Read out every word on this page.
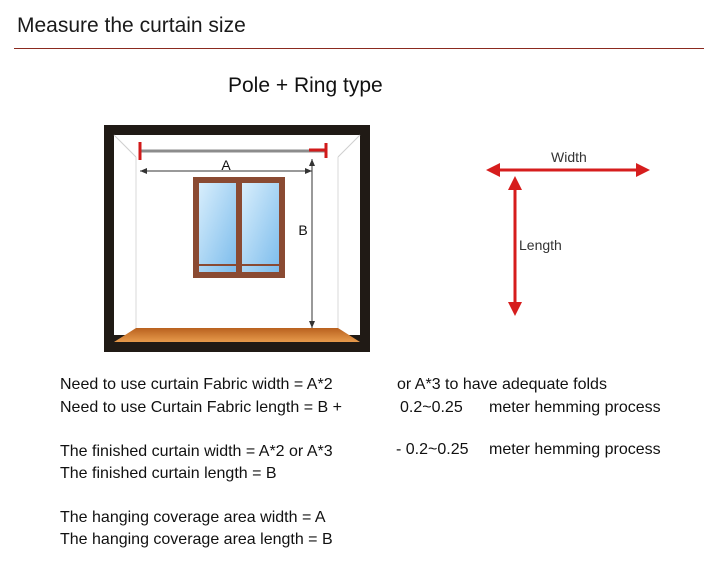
Measure the curtain size
Pole + Ring type
A
B
Width
Length
Need to use curtain Fabric width = A*2	or A*3 to have adequate folds
Need to use Curtain Fabric length = B +	0.2~0.25 meter hemming process
The finished curtain width = A*2 or A*3	- 0.2~0.25 meter hemming process
The finished curtain length = B
The hanging coverage area width = A
The hanging coverage area length = B
